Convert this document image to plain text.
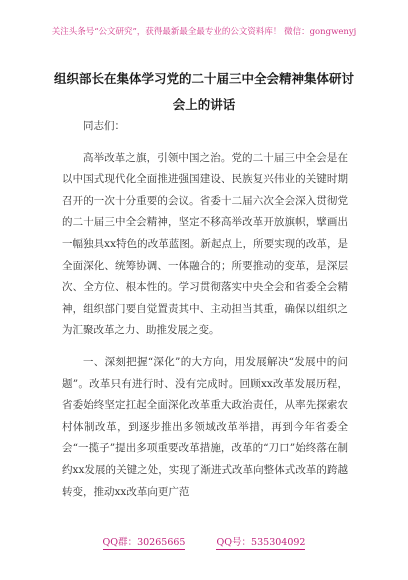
关注头条号“公文研究”，获得最新最全最专业的公文资料库！ 微信：gongwenyj
组织部长在集体学习党的二十届三中全会精神集体研讨会上的讲话

同志们：

高举改革之旗，引领中国之治。党的二十届三中全会是在以中国式现代化全面推进强国建设、民族复兴伟业的关键时期召开的一次十分重要的会议。省委十二届六次全会深入贯彻党的二十届三中全会精神，坚定不移高举改革开放旗帜，擘画出一幅独具xx特色的改革蓝图。新起点上，所要实现的改革，是全面深化、统筹协调、一体融合的；所要推动的变革，是深层次、全方位、根本性的。学习贯彻落实中央全会和省委全会精神，组织部门要自觉置责其中、主动担当其重，确保以组织之为汇聚改革之力、助推发展之变。

一、深刻把握“深化”的大方向，用发展解决“发展中的问题”。改革只有进行时、没有完成时。回顾xx改革发展历程，省委始终坚定扛起全面深化改革重大政治责任，从率先探索农村体制改革，到逐步推出多领域改革举措，再到今年省委全会“一揽子”提出多项重要改革措施，改革的“刀口”始终落在制约xx发展的关键之处，实现了渐进式改革向整体式改革的跨越转变，推动xx改革向更广范

QQ群：30265665	QQ号：535304092
